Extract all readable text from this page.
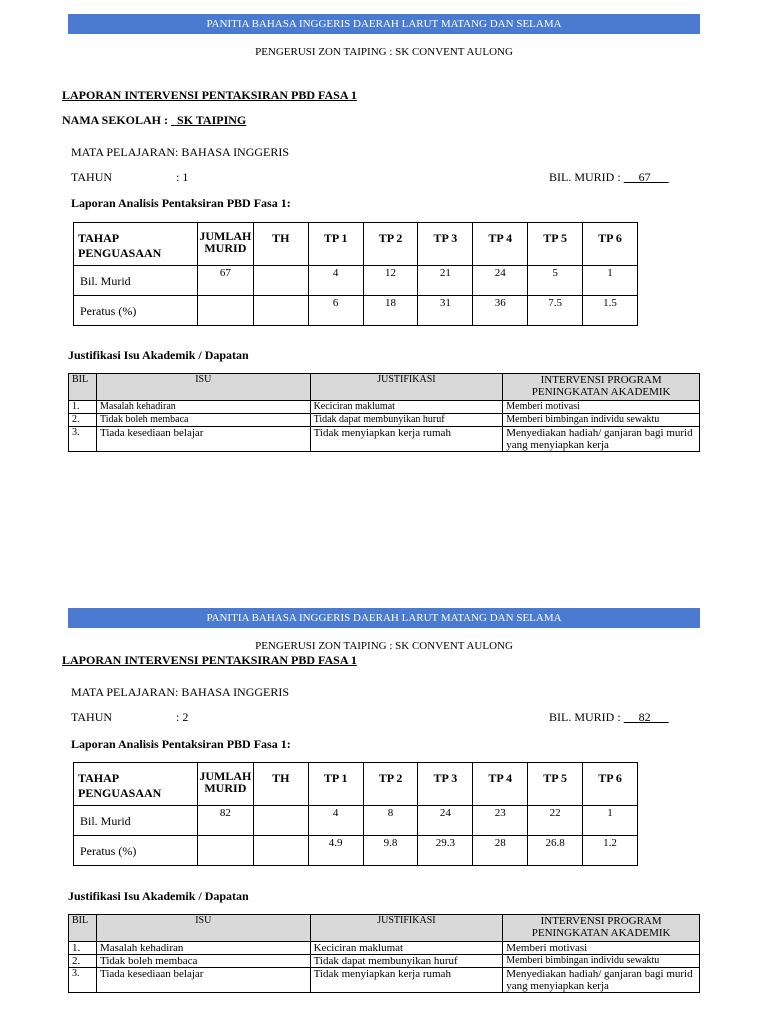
PANITIA BAHASA INGGERIS DAERAH LARUT MATANG DAN SELAMA
PENGERUSI ZON TAIPING : SK CONVENT AULONG
LAPORAN INTERVENSI PENTAKSIRAN PBD FASA 1
NAMA SEKOLAH :   SK TAIPING
MATA PELAJARAN: BAHASA INGGERIS
TAHUN	: 1	BIL. MURID :      67
Laporan Analisis Pentaksiran PBD Fasa 1:
TAHAP PENGUASAAN	JUMLAH MURID	TH	TP 1	TP 2	TP 3	TP 4	TP 5	TP 6
Bil. Murid	67		4	12	21	24	5	1
Peratus (%)			6	18	31	36	7.5	1.5
Justifikasi Isu Akademik / Dapatan
BIL	ISU	JUSTIFIKASI	INTERVENSI PROGRAM PENINGKATAN AKADEMIK
1.	Masalah kehadiran	Keciciran maklumat	Memberi motivasi
2.	Tidak boleh membaca	Tidak dapat membunyikan huruf	Memberi bimbingan individu sewaktu
3.	Tiada kesediaan belajar	Tidak menyiapkan kerja rumah	Menyediakan hadiah/ ganjaran bagi murid yang menyiapkan kerja
PANITIA BAHASA INGGERIS DAERAH LARUT MATANG DAN SELAMA
PENGERUSI ZON TAIPING : SK CONVENT AULONG
LAPORAN INTERVENSI PENTAKSIRAN PBD FASA 1
MATA PELAJARAN: BAHASA INGGERIS
TAHUN	: 2	BIL. MURID :      82
Laporan Analisis Pentaksiran PBD Fasa 1:
TAHAP PENGUASAAN	JUMLAH MURID	TH	TP 1	TP 2	TP 3	TP 4	TP 5	TP 6
Bil. Murid	82		4	8	24	23	22	1
Peratus (%)			4.9	9.8	29.3	28	26.8	1.2
Justifikasi Isu Akademik / Dapatan
BIL	ISU	JUSTIFIKASI	INTERVENSI PROGRAM PENINGKATAN AKADEMIK
1.	Masalah kehadiran	Keciciran maklumat	Memberi motivasi
2.	Tidak boleh membaca	Tidak dapat membunyikan huruf	Memberi bimbingan individu sewaktu
3.	Tiada kesediaan belajar	Tidak menyiapkan kerja rumah	Menyediakan hadiah/ ganjaran bagi murid yang menyiapkan kerja
